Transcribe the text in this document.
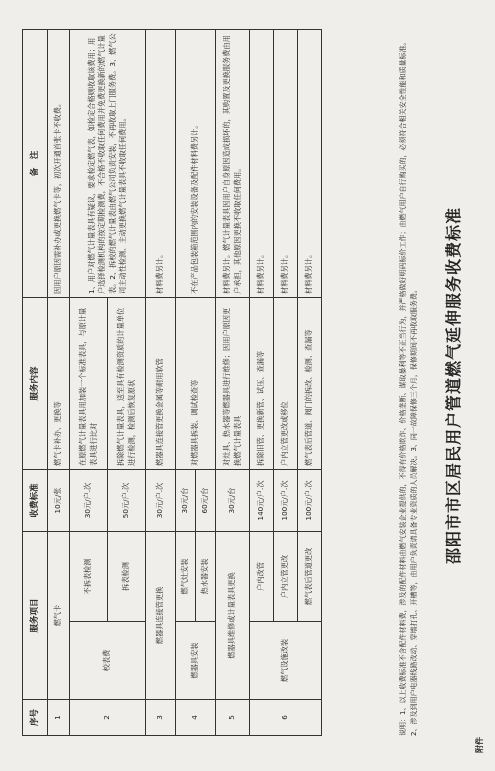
附件
邵阳市市区居民用户管道燃气延伸服务收费标准
序号	服务项目		收费标准	服务内容	备　注
1	燃气卡		10元/张	燃气卡补办、更换等	因用户原因需补办或更换燃气卡等，初次开通首张卡不收费。
2	校表费	不拆表检测	30元/户.次	在原燃气计量表具用加装一个标准表具，与原计量表具进行比对	1、用户对燃气计量表具有疑议，要求检定燃气表，如检定合格则收取该费用；用户选择检测机构的按定期检测费，不合格不收取任何费用并免费更换新的燃气计量表。2、拆校的燃气计量表由燃气公司负责安装，不再收取上门服务费。3、燃气公司主动性检测、主动更换燃气计量表具不收取任何费用。
		拆表检测	50元/户.次	拆除燃气计量表具，送至具有检测资质的计量单位进行检测，检测后恢复原状	
3	燃器具连接管更换		30元/户.次	燃器具连接管更换金属等耐用软管	材料费另计。
4	燃器具安装	燃气灶安装	30元/台	对燃器具拆装、调试检查等	不在产品包装箱范围内的安装设备及配件材料费另计。
		热水器安装	60元/台		
5	燃器具维修或计量表具更换		30元/台	对灶具、热水器等燃器具进行维修；因用户原因更换燃气计量表具	材料费另计。燃气计量表具因用户自身原因造成损坏的，其购置及更换服务费由用户承担，其他原因更换不收取任何费用。
6	燃气设施改装	户内改管	140元/户.次	拆除旧管、更换新管、试压、查漏等	材料费另计。
		户内立管更改	100元/户.次	户内立管更改或移位	材料费另计。
		燃气表后管道更改	100元/户.次	燃气表后管道、阀门的拆改、检测、查漏等	材料费另计。	说明：1、以上收费标准不含配件材料费，涉及的配件材料由燃气安装企业提供的，不得有价格欺诈、价格垄断、谋取暴利等不正当行为，并严格做好明码标价工作；由燃气用户自行购买的，必须符合相关安全性能和质量标准。2、涉及到用户电器线路改动、穿墙打孔、开槽等，由用户负责请具备专业资质的人员解决。3、同一故障保修三个月，保修期间不再收取服务费。
